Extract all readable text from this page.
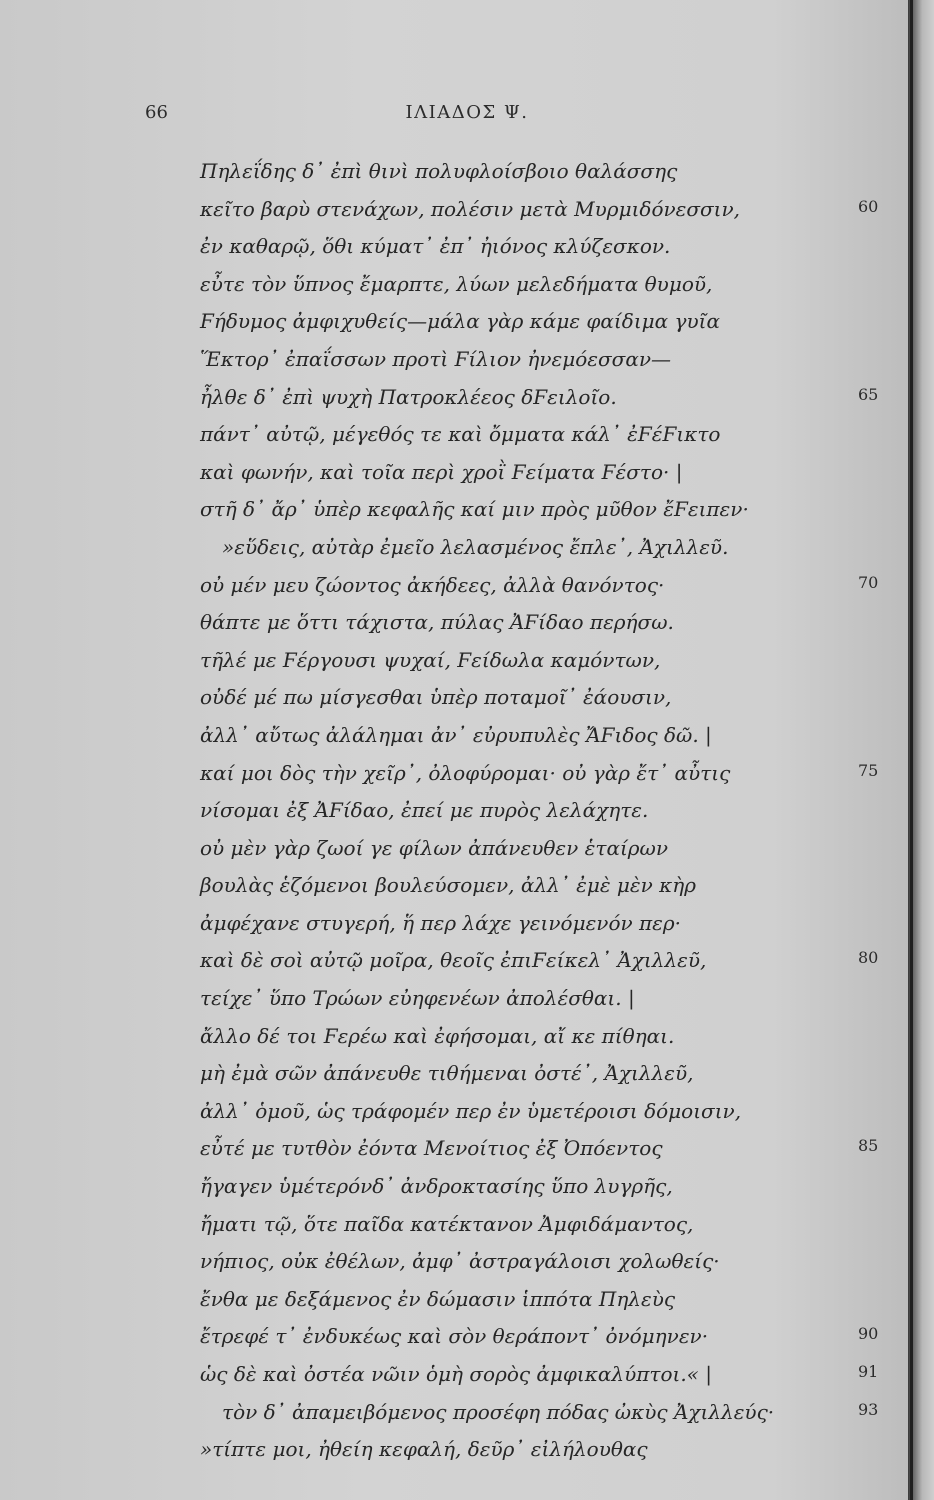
66	ΙΛΙΑΔΟΣ Ψ.
Πηλεΐδης δ᾽ ἐπὶ θινὶ πολυφλοίσβοιο θαλάσσης
κεῖτο βαρὺ στενάχων, πολέσιν μετὰ Μυρμιδόνεσσιν,	60
ἐν καθαρῷ, ὅθι κύματ᾽ ἐπ᾽ ἠιόνος κλύζεσκον.
εὖτε τὸν ὕπνος ἔμαρπτε, λύων μελεδήματα θυμοῦ,
Ϝήδυμος ἀμφιχυθείς—μάλα γὰρ κάμε φαίδιμα γυῖα
Ἕκτορ᾽ ἐπαΐσσων προτὶ Ϝίλιον ἠνεμόεσσαν—
ἦλθε δ᾽ ἐπὶ ψυχὴ Πατροκλέεος δϜειλοῖο.	65
πάντ᾽ αὐτῷ, μέγεθός τε καὶ ὄμματα κάλ᾽ ἐϜέϜικτο
καὶ φωνήν, καὶ τοῖα περὶ χροῒ Ϝείματα Ϝέστο· |
στῆ δ᾽ ἄρ᾽ ὑπὲρ κεφαλῆς καί μιν πρὸς μῦθον ἔϜειπεν·
»εὕδεις, αὐτὰρ ἐμεῖο λελασμένος ἔπλε᾽, Ἀχιλλεῦ.
οὐ μέν μευ ζώοντος ἀκήδεες, ἀλλὰ θανόντος·	70
θάπτε με ὅττι τάχιστα, πύλας ἈϜίδαο περήσω.
τῆλέ με Ϝέργουσι ψυχαί, Ϝείδωλα καμόντων,
οὐδέ μέ πω μίσγεσθαι ὑπὲρ ποταμοῖ᾽ ἐάουσιν,
ἀλλ᾽ αὔτως ἀλάλημαι ἀν᾽ εὐρυπυλὲς ἌϜιδος δῶ. |
καί μοι δὸς τὴν χεῖρ᾽, ὀλοφύρομαι· οὐ γὰρ ἔτ᾽ αὖτις	75
νίσομαι ἐξ ἈϜίδαο, ἐπεί με πυρὸς λελάχητε.
οὐ μὲν γὰρ ζωοί γε φίλων ἀπάνευθεν ἑταίρων
βουλὰς ἑζόμενοι βουλεύσομεν, ἀλλ᾽ ἐμὲ μὲν κὴρ
ἀμφέχανε στυγερή, ἥ περ λάχε γεινόμενόν περ·
καὶ δὲ σοὶ αὐτῷ μοῖρα, θεοῖς ἐπιϜείκελ᾽ Ἀχιλλεῦ,	80
τείχε᾽ ὕπο Τρώων εὐηφενέων ἀπολέσθαι. |
ἄλλο δέ τοι Ϝερέω καὶ ἐφήσομαι, αἴ κε πίθηαι.
μὴ ἐμὰ σῶν ἀπάνευθε τιθήμεναι ὀστέ᾽, Ἀχιλλεῦ,
ἀλλ᾽ ὁμοῦ, ὡς τράφομέν περ ἐν ὑμετέροισι δόμοισιν,
εὖτέ με τυτθὸν ἐόντα Μενοίτιος ἐξ Ὀπόεντος	85
ἤγαγεν ὑμέτερόνδ᾽ ἀνδροκτασίης ὕπο λυγρῆς,
ἤματι τῷ, ὅτε παῖδα κατέκτανον Ἀμφιδάμαντος,
νήπιος, οὐκ ἐθέλων, ἀμφ᾽ ἀστραγάλοισι χολωθείς·
ἔνθα με δεξάμενος ἐν δώμασιν ἱππότα Πηλεὺς
ἔτρεφέ τ᾽ ἐνδυκέως καὶ σὸν θεράποντ᾽ ὀνόμηνεν·	90
ὡς δὲ καὶ ὀστέα νῶιν ὁμὴ σορὸς ἀμφικαλύπτοι.« |	91
τὸν δ᾽ ἀπαμειβόμενος προσέφη πόδας ὠκὺς Ἀχιλλεύς·	93
»τίπτε μοι, ἠθείη κεφαλή, δεῦρ᾽ εἰλήλουθας
